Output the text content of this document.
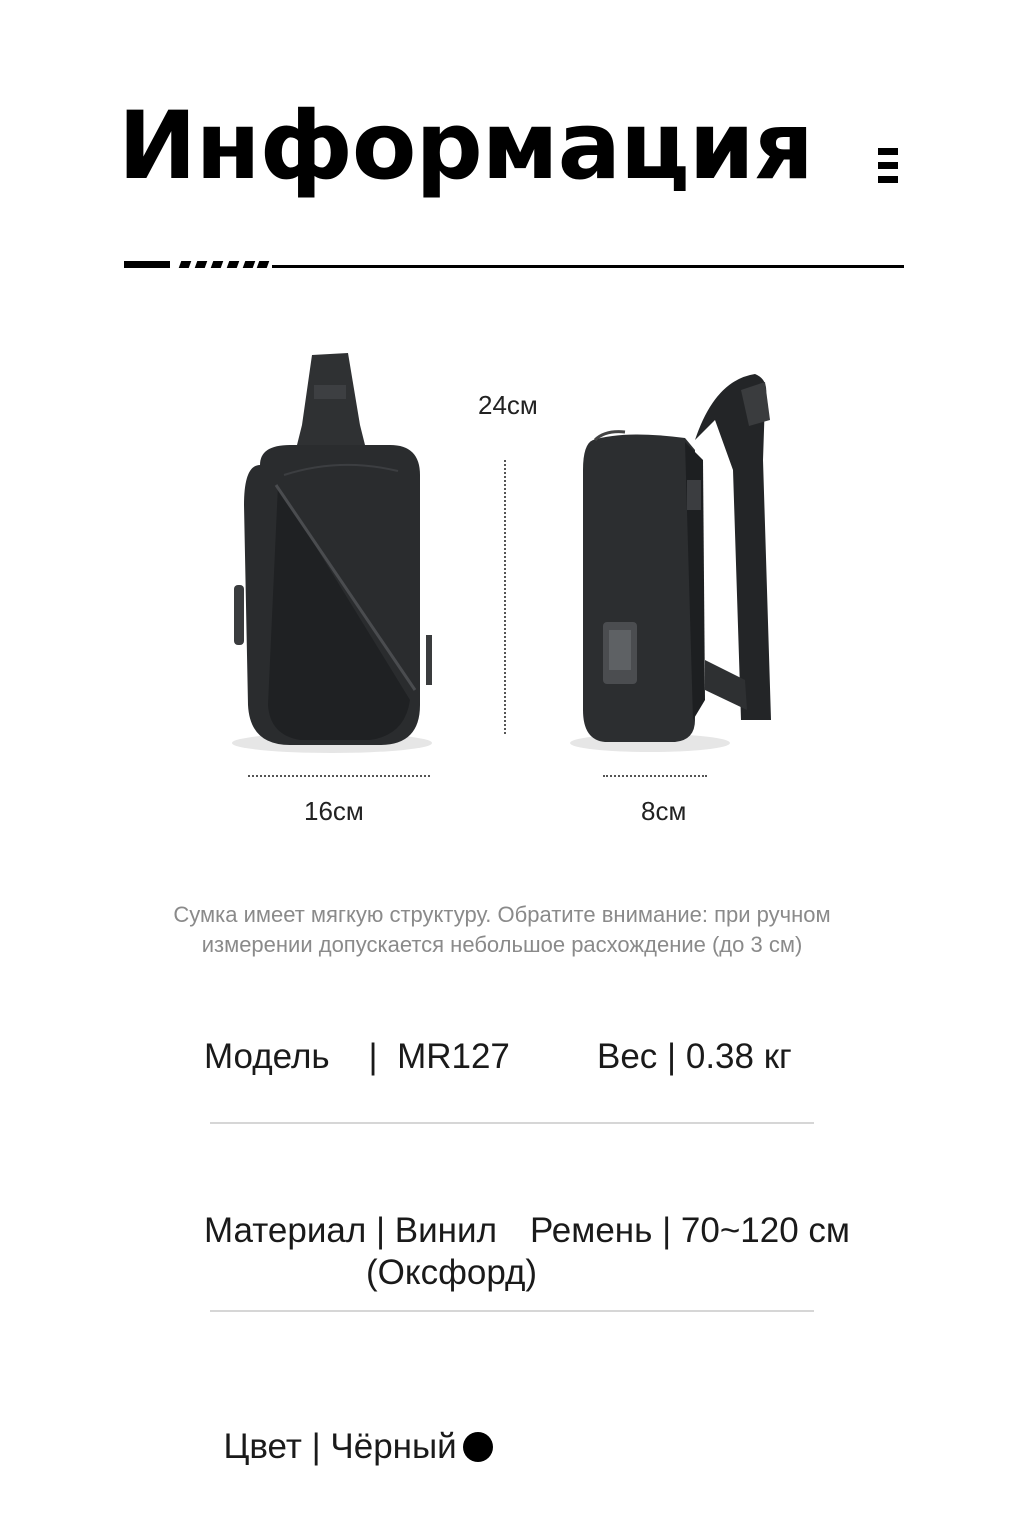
Информация
24см
16см	8см

Сумка имеет мягкую структуру. Обратите внимание: при ручном измерении допускается небольшое расхождение (до 3 см)

Модель    |  MR127 Вес | 0.38 кг
Материал | Винил
(Оксфорд)
Ремень | 70~120 см

Цвет | Чёрный
